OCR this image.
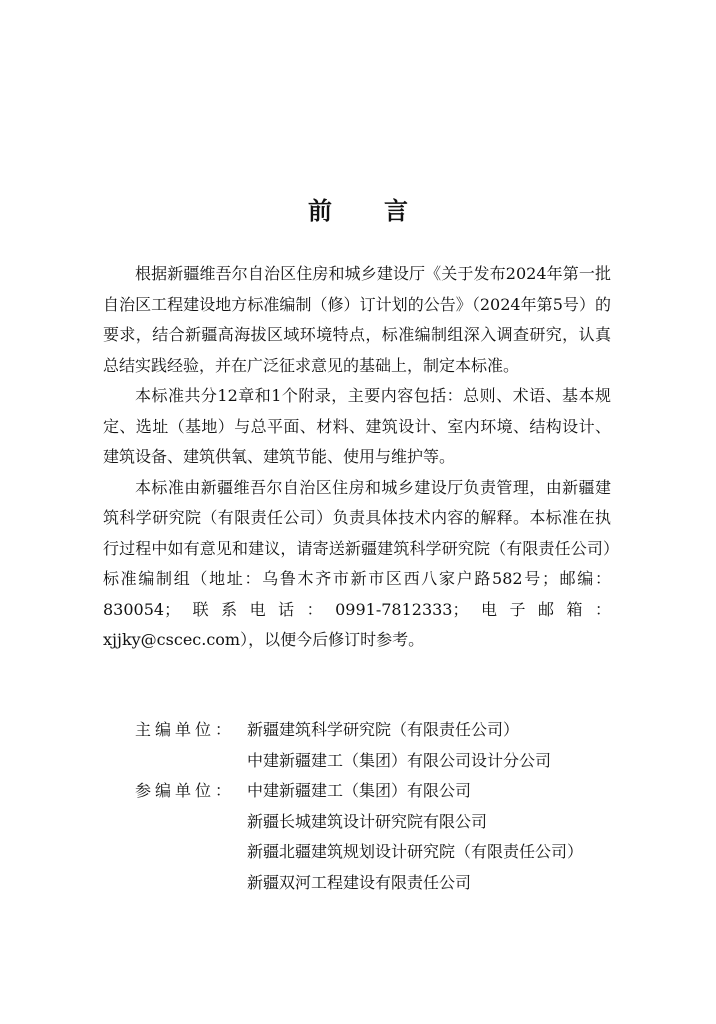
前言

根据新疆维吾尔自治区住房和城乡建设厅《关于发布2024年第一批自治区工程建设地方标准编制（修）订计划的公告》（2024年第5号）的要求，结合新疆高海拔区域环境特点，标准编制组深入调查研究，认真总结实践经验，并在广泛征求意见的基础上，制定本标准。

本标准共分12章和1个附录，主要内容包括：总则、术语、基本规定、选址（基地）与总平面、材料、建筑设计、室内环境、结构设计、建筑设备、建筑供氧、建筑节能、使用与维护等。

本标准由新疆维吾尔自治区住房和城乡建设厅负责管理，由新疆建筑科学研究院（有限责任公司）负责具体技术内容的解释。本标准在执行过程中如有意见和建议，请寄送新疆建筑科学研究院（有限责任公司）标准编制组（地址：乌鲁木齐市新市区西八家户路582号；邮编：830054；联系电话：0991-7812333；电子邮箱：xjjky@cscec.com），以便今后修订时参考。

主编单位： 新疆建筑科学研究院（有限责任公司）
中建新疆建工（集团）有限公司设计分公司
参编单位： 中建新疆建工（集团）有限公司
新疆长城建筑设计研究院有限公司
新疆北疆建筑规划设计研究院（有限责任公司）
新疆双河工程建设有限责任公司
